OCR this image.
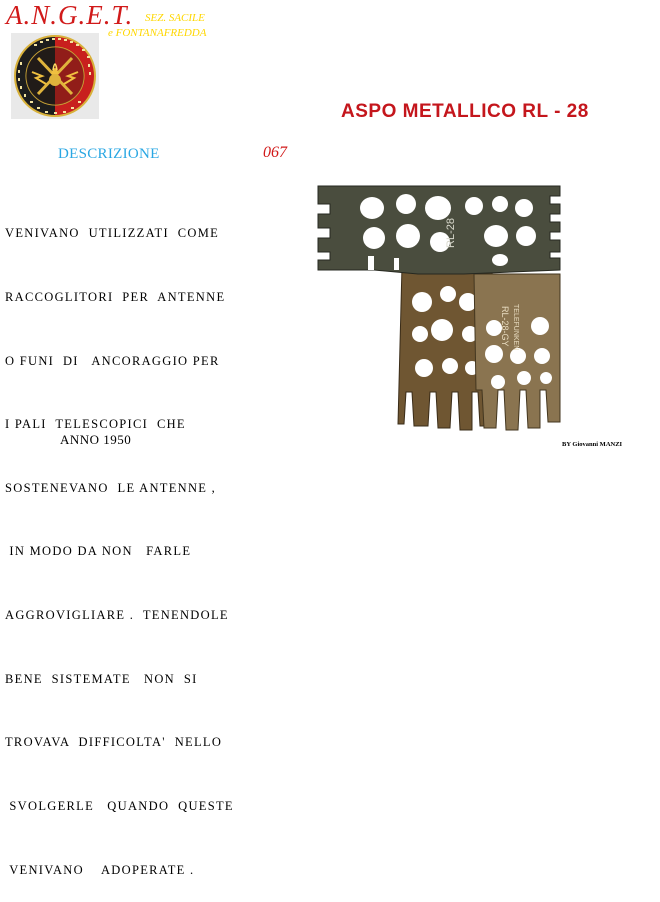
A.N.G.E.T. SEZ. SACILE
e FONTANAFREDDA
ASPO METALLICO RL - 28
DESCRIZIONE	067

VENIVANO  UTILIZZATI  COME

RACCOGLITORI  PER  ANTENNE

O FUNI  DI   ANCORAGGIO PER

I PALI  TELESCOPICI  CHE

SOSTENEVANO  LE ANTENNE ,

IN MODO DA NON   FARLE

AGGROVIGLIARE .  TENENDOLE

BENE  SISTEMATE   NON  SI

TROVAVA  DIFFICOLTA'  NELLO

SVOLGERLE   QUANDO  QUESTE

VENIVANO    ADOPERATE .

ANNO 1950	BY Giovanni MANZI
RL-28-GY TELEFUNKEN
RL-28
